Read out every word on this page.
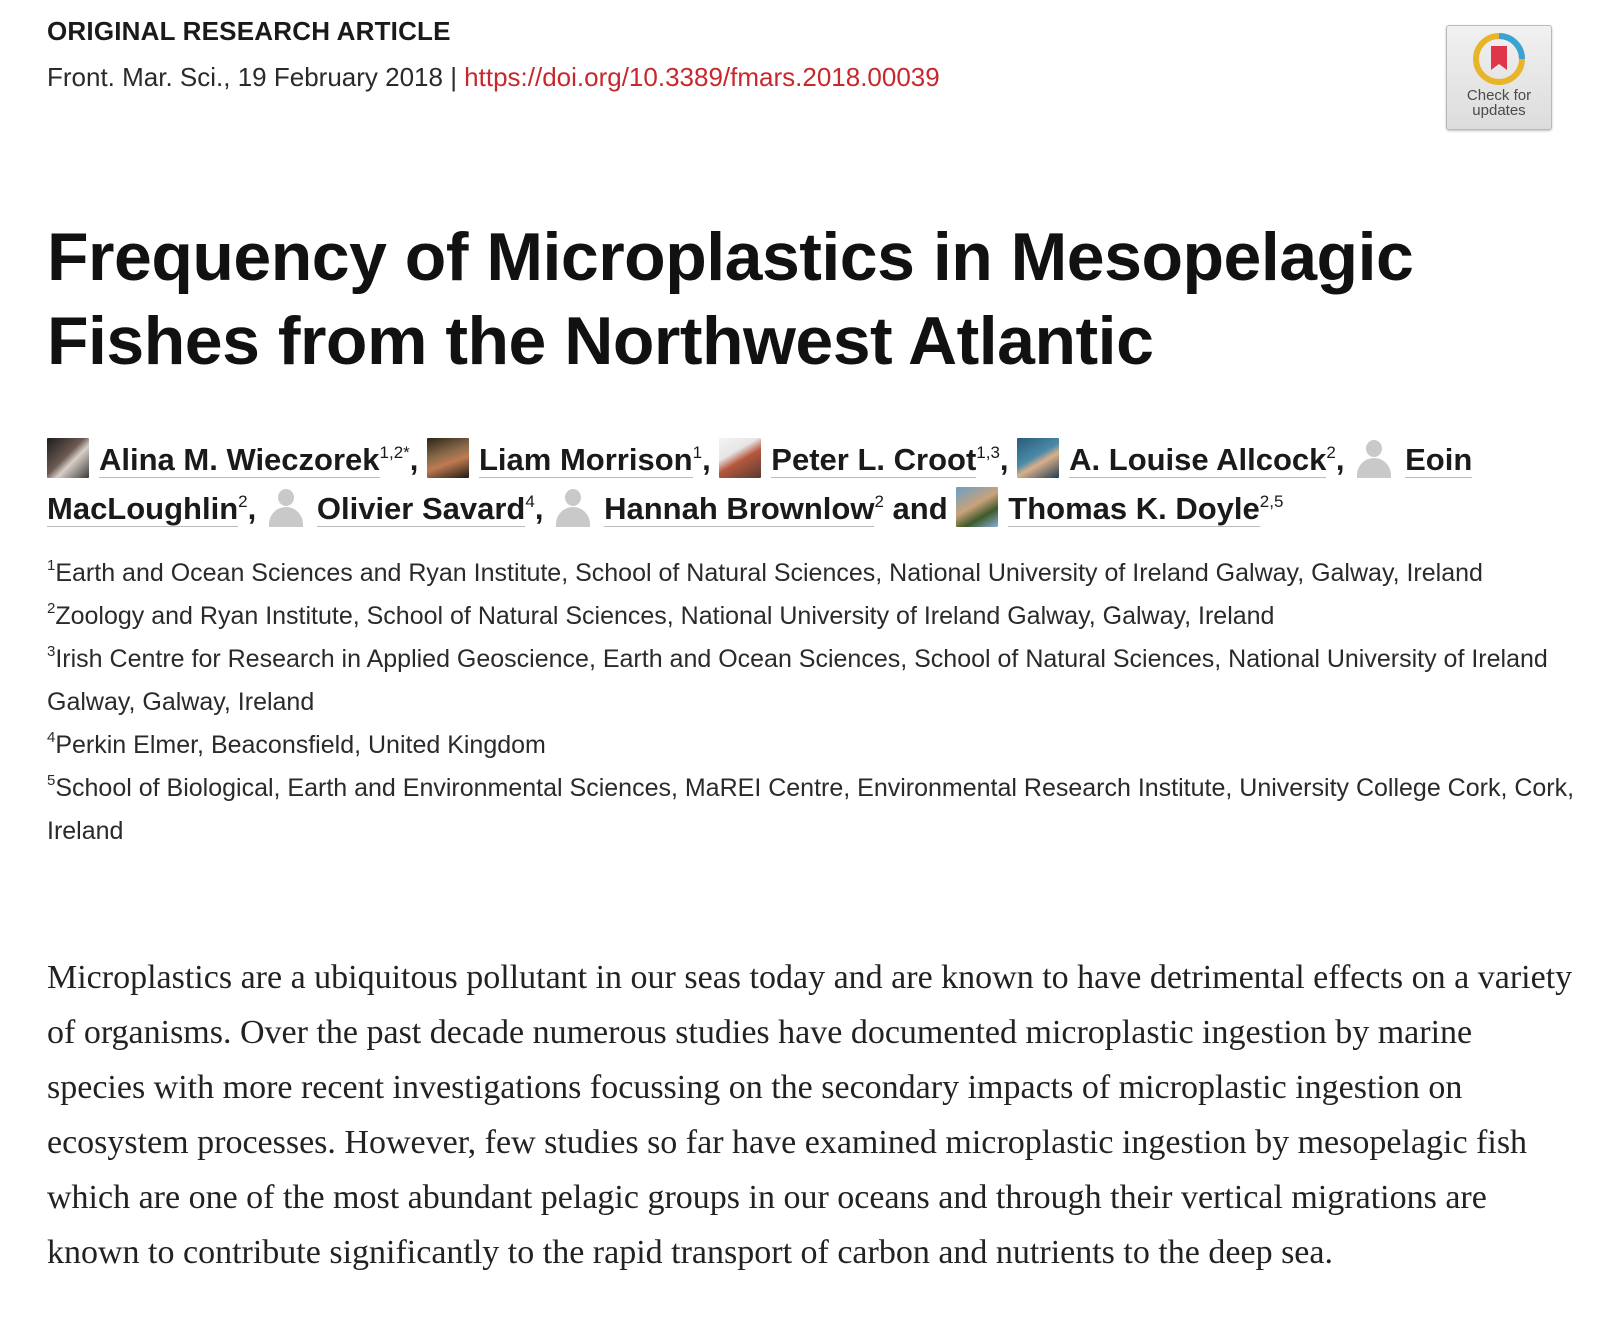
ORIGINAL RESEARCH ARTICLE
Front. Mar. Sci., 19 February 2018 | https://doi.org/10.3389/fmars.2018.00039
Check for updates
Frequency of Microplastics in Mesopelagic Fishes from the Northwest Atlantic
Alina M. Wieczorek$^{1,2*}$, Liam Morrison$^1$, Peter L. Croot$^{1,3}$, A. Louise Allcock$^2$, Eoin MacLoughlin$^2$, Olivier Savard$^4$, Hannah Brownlow$^2$ and Thomas K. Doyle$^{2,5}$

$^1$Earth and Ocean Sciences and Ryan Institute, School of Natural Sciences, National University of Ireland Galway, Galway, Ireland

$^2$Zoology and Ryan Institute, School of Natural Sciences, National University of Ireland Galway, Galway, Ireland

$^3$Irish Centre for Research in Applied Geoscience, Earth and Ocean Sciences, School of Natural Sciences, National University of Ireland Galway, Galway, Ireland

$^4$Perkin Elmer, Beaconsfield, United Kingdom

$^5$School of Biological, Earth and Environmental Sciences, MaREI Centre, Environmental Research Institute, University College Cork, Cork, Ireland

Microplastics are a ubiquitous pollutant in our seas today and are known to have detrimental effects on a variety of organisms. Over the past decade numerous studies have documented microplastic ingestion by marine species with more recent investigations focussing on the secondary impacts of microplastic ingestion on ecosystem processes. However, few studies so far have examined microplastic ingestion by mesopelagic fish which are one of the most abundant pelagic groups in our oceans and through their vertical migrations are known to contribute significantly to the rapid transport of carbon and nutrients to the deep sea.
